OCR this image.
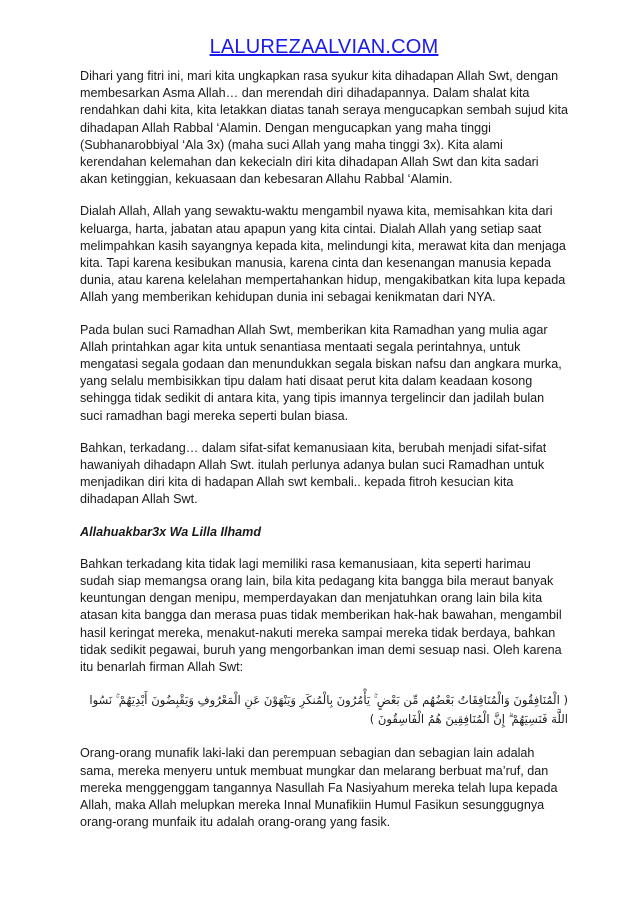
LALUREZAALVIAN.COM

Dihari yang fitri ini, mari kita ungkapkan rasa syukur kita dihadapan Allah Swt, dengan membesarkan Asma Allah… dan merendah diri dihadapannya. Dalam shalat kita rendahkan dahi kita, kita letakkan diatas tanah seraya mengucapkan sembah sujud kita dihadapan Allah Rabbal ‘Alamin. Dengan mengucapkan yang maha tinggi (Subhanarobbiyal ‘Ala 3x) (maha suci Allah yang maha tinggi 3x). Kita alami kerendahan kelemahan dan kekecialn diri kita dihadapan Allah Swt dan kita sadari akan ketinggian, kekuasaan dan kebesaran Allahu Rabbal ‘Alamin.

Dialah Allah, Allah yang sewaktu-waktu mengambil nyawa kita, memisahkan kita dari keluarga, harta, jabatan atau apapun yang kita cintai. Dialah Allah yang setiap saat melimpahkan kasih sayangnya kepada kita, melindungi kita, merawat kita dan menjaga kita. Tapi karena kesibukan manusia, karena cinta dan kesenangan manusia kepada dunia, atau karena kelelahan mempertahankan hidup, mengakibatkan kita lupa kepada Allah yang memberikan kehidupan dunia ini sebagai kenikmatan dari NYA.

Pada bulan suci Ramadhan Allah Swt, memberikan kita Ramadhan yang mulia agar Allah printahkan agar kita untuk senantiasa mentaati segala perintahnya, untuk mengatasi segala godaan dan menundukkan segala biskan nafsu dan angkara murka, yang selalu membisikkan tipu dalam hati disaat perut kita dalam keadaan kosong sehingga tidak sedikit di antara kita, yang tipis imannya tergelincir dan jadilah bulan suci ramadhan bagi mereka seperti bulan biasa.

Bahkan, terkadang… dalam sifat-sifat kemanusiaan kita, berubah menjadi sifat-sifat hawaniyah dihadapn Allah Swt. itulah perlunya adanya bulan suci Ramadhan untuk menjadikan diri kita di hadapan Allah swt kembali.. kepada fitroh kesucian kita dihadapan Allah Swt.

Allahuakbar3x Wa Lilla Ilhamd

Bahkan terkadang kita tidak lagi memiliki rasa kemanusiaan, kita seperti harimau sudah siap memangsa orang lain, bila kita pedagang kita bangga bila meraut banyak keuntungan dengan menipu, memperdayakan dan menjatuhkan orang lain bila kita atasan kita bangga dan merasa puas tidak memberikan hak-hak bawahan, mengambil hasil keringat mereka, menakut-nakuti mereka sampai mereka tidak berdaya, bahkan tidak sedikit pegawai, buruh yang mengorbankan iman demi sesuap nasi. Oleh karena itu benarlah firman Allah Swt:

( الْمُنَافِقُونَ وَالْمُنَافِقَاتُ بَعْضُهُم مِّن بَعْضٍ ۚ يَأْمُرُونَ بِالْمُنكَرِ وَيَنْهَوْنَ عَنِ الْمَعْرُوفِ وَيَقْبِضُونَ أَيْدِيَهُمْ ۚ نَسُوا اللَّهَ فَنَسِيَهُمْ ۗ إِنَّ الْمُنَافِقِينَ هُمُ الْفَاسِقُونَ )

Orang-orang munafik laki-laki dan perempuan sebagian dan sebagian lain adalah sama, mereka menyeru untuk membuat mungkar dan melarang berbuat ma’ruf, dan mereka menggenggam tangannya Nasullah Fa Nasiyahum mereka telah lupa kepada Allah, maka Allah melupkan mereka Innal Munafikiin Humul Fasikun sesunggugnya orang-orang munfaik itu adalah orang-orang yang fasik.
